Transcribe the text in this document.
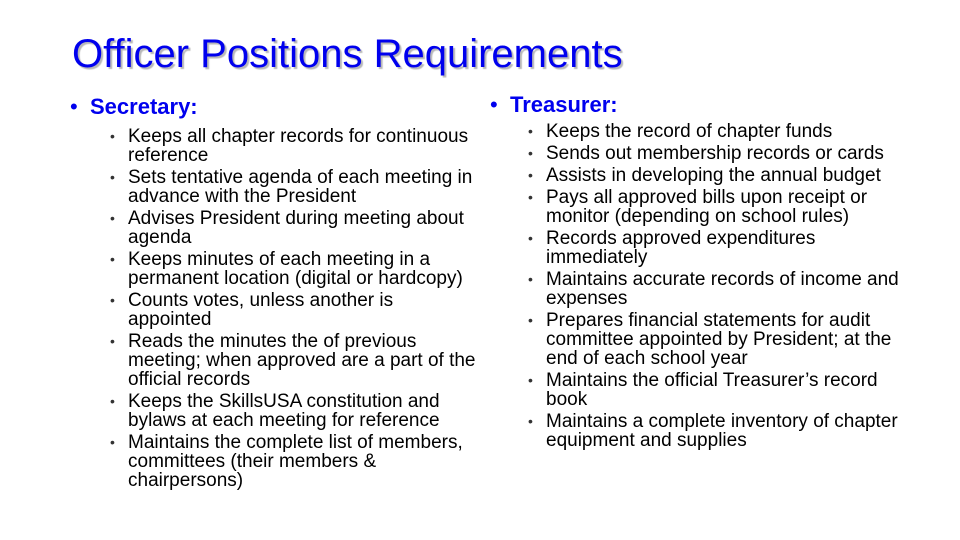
Officer Positions Requirements
• Secretary:
• Keeps all chapter records for continuous reference
• Sets tentative agenda of each meeting in advance with the President
• Advises President during meeting about agenda
• Keeps minutes of each meeting in a permanent location (digital or hardcopy)
• Counts votes, unless another is appointed
• Reads the minutes the of previous meeting; when approved are a part of the official records
• Keeps the SkillsUSA constitution and bylaws at each meeting for reference
• Maintains the complete list of members, committees (their members & chairpersons)
• Treasurer:
• Keeps the record of chapter funds
• Sends out membership records or cards
• Assists in developing the annual budget
• Pays all approved bills upon receipt or monitor (depending on school rules)
• Records approved expenditures immediately
• Maintains accurate records of income and expenses
• Prepares financial statements for audit committee appointed by President; at the end of each school year
• Maintains the official Treasurer’s record book
• Maintains a complete inventory of chapter equipment and supplies
